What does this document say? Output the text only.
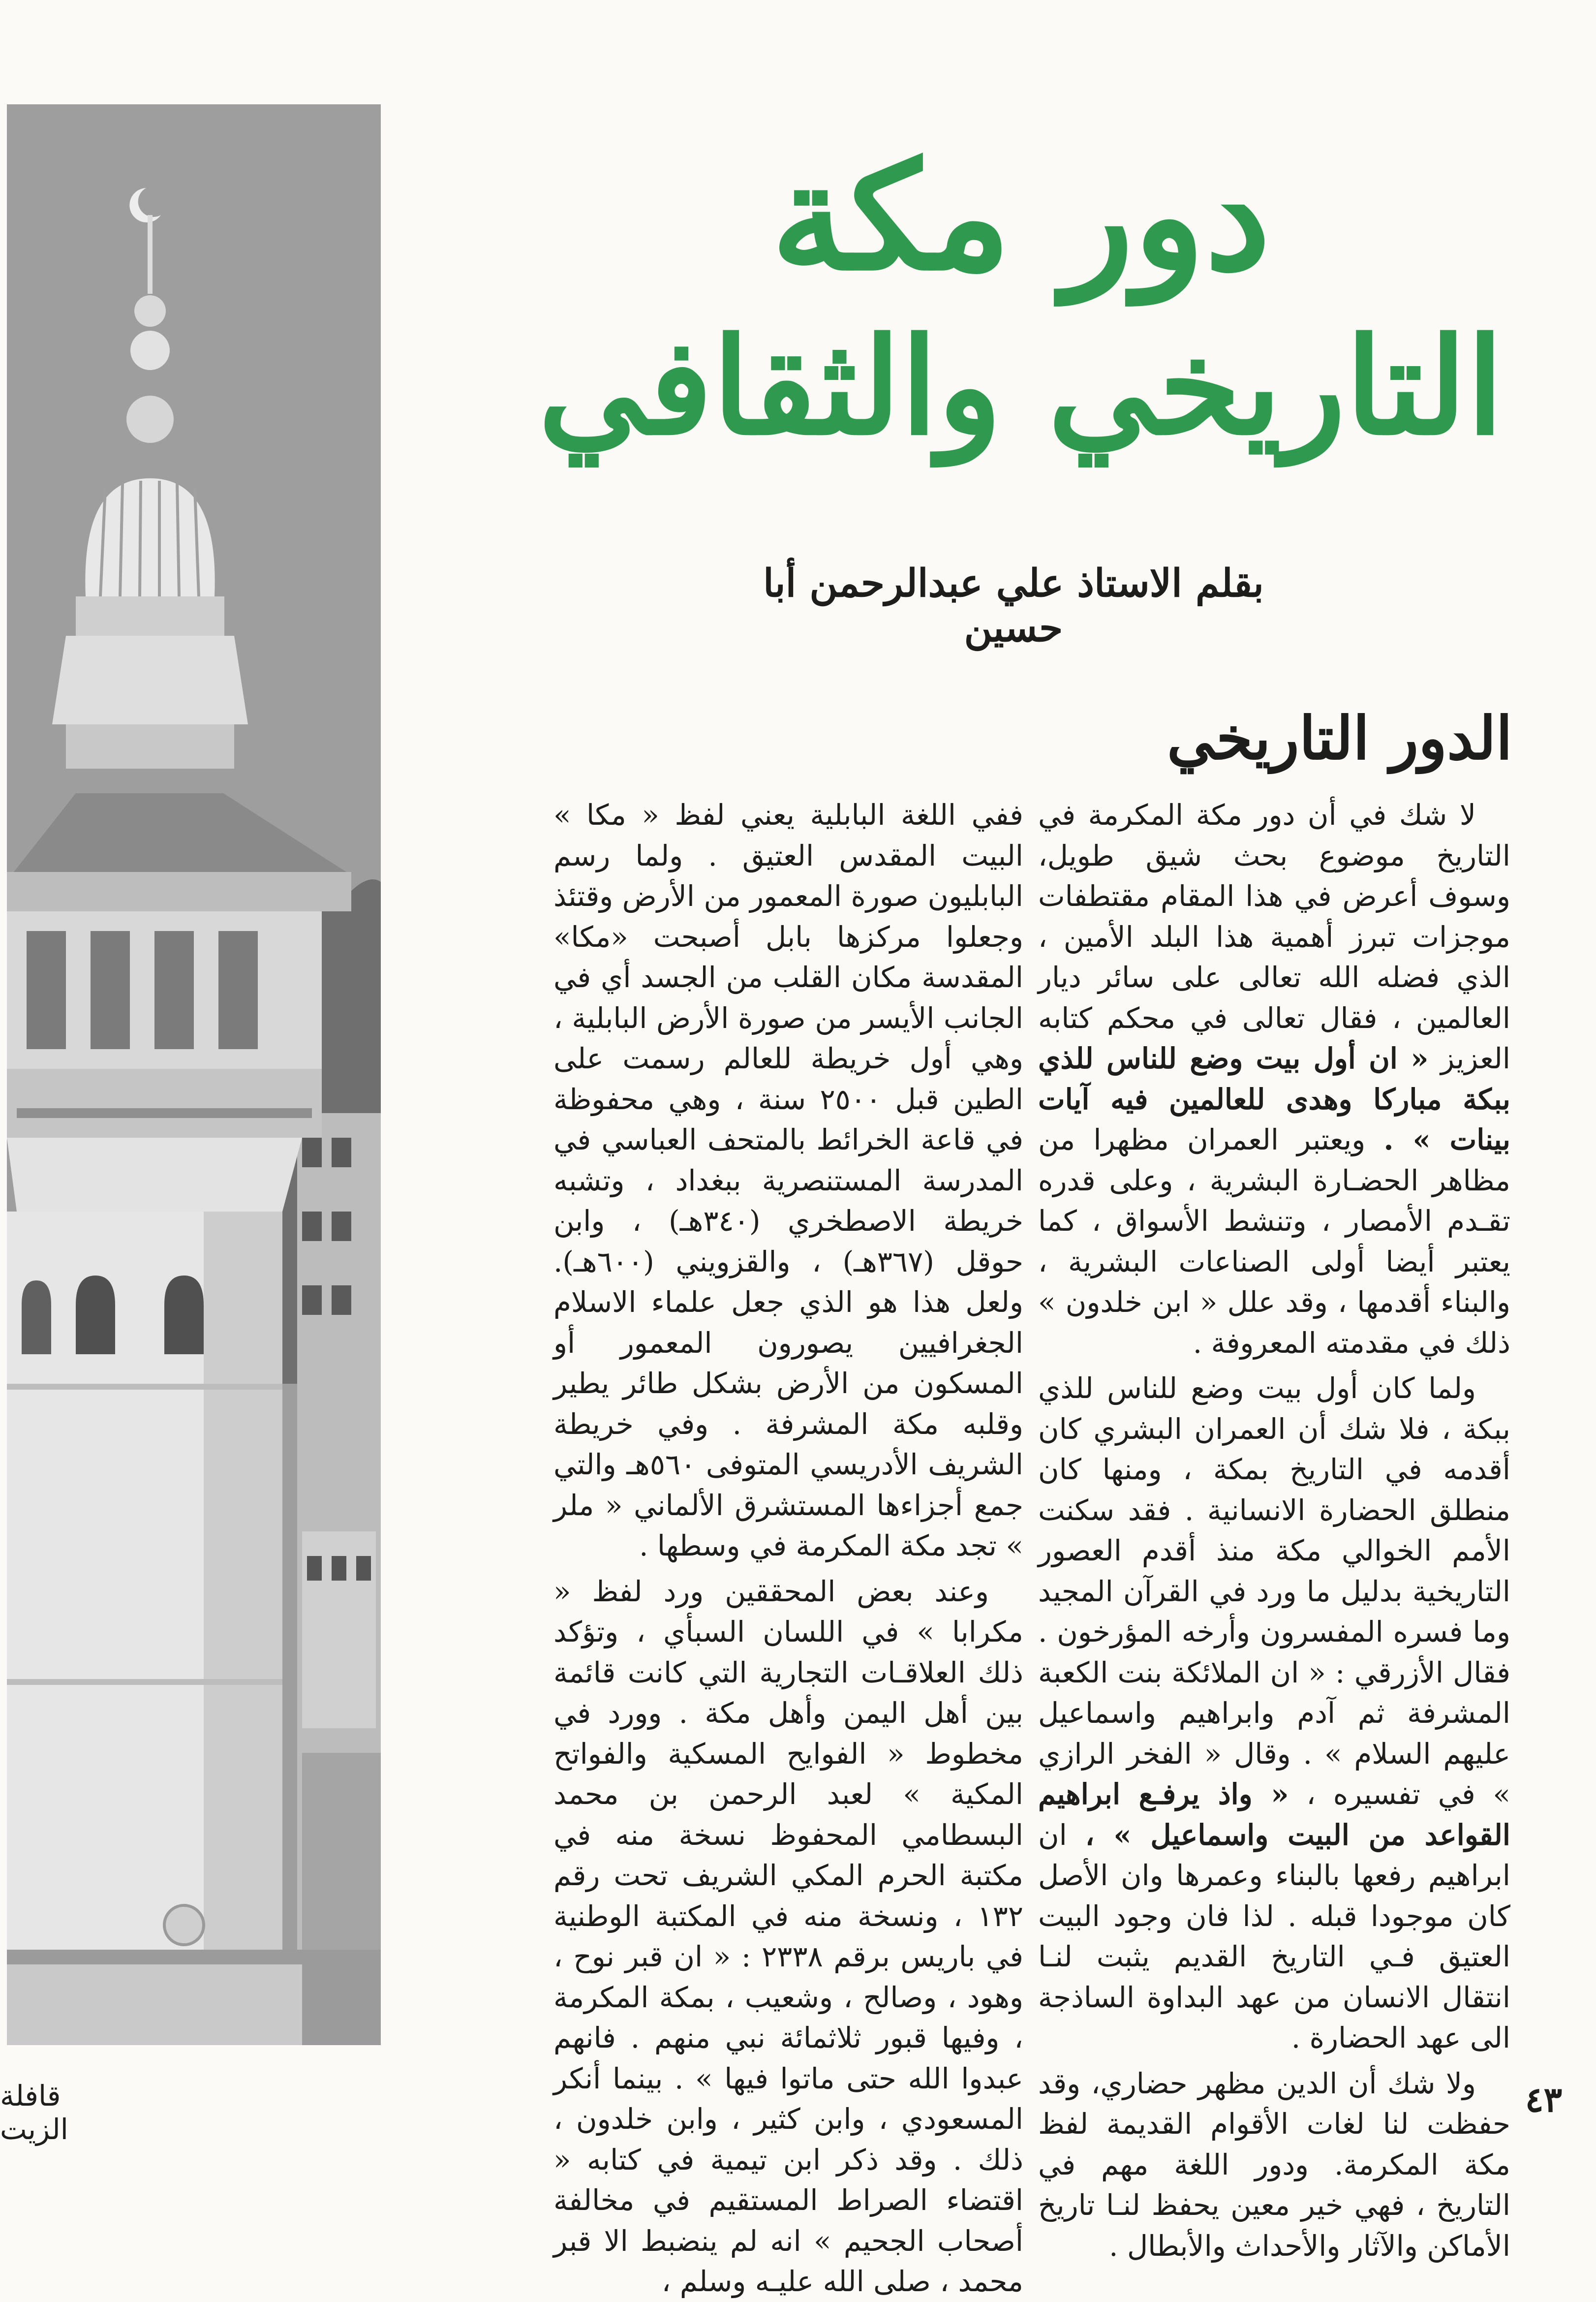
دور مكة
التاريخي والثقافي
بقلم الاستاذ علي عبدالرحمن أبا حسين
الدور التاريخي

لا شك في أن دور مكة المكرمة في التاريخ موضوع بحث شيق طويل، وسوف أعرض في هذا المقام مقتطفات موجزات تبرز أهمية هذا البلد الأمين ، الذي فضله الله تعالى على سائر ديار العالمين ، فقال تعالى في محكم كتابه العزيز « ان أول بيت وضع للناس للذي ببكة مباركا وهدى للعالمين فيه آيات بينات » . ويعتبر العمران مظهرا من مظاهر الحضـارة البشرية ، وعلى قدره تقـدم الأمصار ، وتنشط الأسواق ، كما يعتبر أيضا أولى الصناعات البشرية ، والبناء أقدمها ، وقد علل « ابن خلدون » ذلك في مقدمته المعروفة .

ولما كان أول بيت وضع للناس للذي ببكة ، فلا شك أن العمران البشري كان أقدمه في التاريخ بمكة ، ومنها كان منطلق الحضارة الانسانية . فقد سكنت الأمم الخوالي مكة منذ أقدم العصور التاريخية بدليل ما ورد في القرآن المجيد وما فسره المفسرون وأرخه المؤرخون . فقال الأزرقي : « ان الملائكة بنت الكعبة المشرفة ثم آدم وابراهيم واسماعيل عليهم السلام » . وقال « الفخر الرازي » في تفسيره ، « واذ يرفـع ابراهيم القواعد من البيت واسماعيل » ، ان ابراهيم رفعها بالبناء وعمرها وان الأصل كان موجودا قبله . لذا فان وجود البيت العتيق فـي التاريخ القديم يثبت لنـا انتقال الانسان من عهد البداوة الساذجة الى عهد الحضارة .

ولا شك أن الدين مظهر حضاري، وقد حفظت لنا لغات الأقوام القديمة لفظ مكة المكرمة. ودور اللغة مهم في التاريخ ، فهي خير معين يحفظ لنـا تاريخ الأماكن والآثار والأحداث والأبطال .

ففي اللغة البابلية يعني لفظ « مكا » البيت المقدس العتيق . ولما رسم البابليون صورة المعمور من الأرض وقتئذ وجعلوا مركزها بابل أصبحت «مكا» المقدسة مكان القلب من الجسد أي في الجانب الأيسر من صورة الأرض البابلية ، وهي أول خريطة للعالم رسمت على الطين قبل ٢٥٠٠ سنة ، وهي محفوظة في قاعة الخرائط بالمتحف العباسي في المدرسة المستنصرية ببغداد ، وتشبه خريطة الاصطخري (٣٤٠هـ) ، وابن حوقل (٣٦٧هـ) ، والقزويني (٦٠٠هـ). ولعل هذا هو الذي جعل علماء الاسلام الجغرافيين يصورون المعمور أو المسكون من الأرض بشكل طائر يطير وقلبه مكة المشرفة . وفي خريطة الشريف الأدريسي المتوفى ٥٦٠هـ والتي جمع أجزاءها المستشرق الألماني « ملر » تجد مكة المكرمة في وسطها .

وعند بعض المحققين ورد لفظ « مكرابا » في اللسان السبأي ، وتؤكد ذلك العلاقـات التجارية التي كانت قائمة بين أهل اليمن وأهل مكة . وورد في مخطوط « الفوايح المسكية والفواتح المكية » لعبد الرحمن بن محمد البسطامي المحفوظ نسخة منه في مكتبة الحرم المكي الشريف تحت رقم ١٣٢ ، ونسخة منه في المكتبة الوطنية في باريس برقم ٢٣٣٨ : « ان قبر نوح ، وهود ، وصالح ، وشعيب ، بمكة المكرمة ، وفيها قبور ثلاثمائة نبي منهم . فانهم عبدوا الله حتى ماتوا فيها » . بينما أنكر المسعودي ، وابن كثير ، وابن خلدون ، ذلك . وقد ذكر ابن تيمية في كتابه « اقتضاء الصراط المستقيم في مخالفة أصحاب الجحيم » انه لم ينضبط الا قبر محمد ، صلى الله عليـه وسلم ،

٤٣
قافلة الزيت
